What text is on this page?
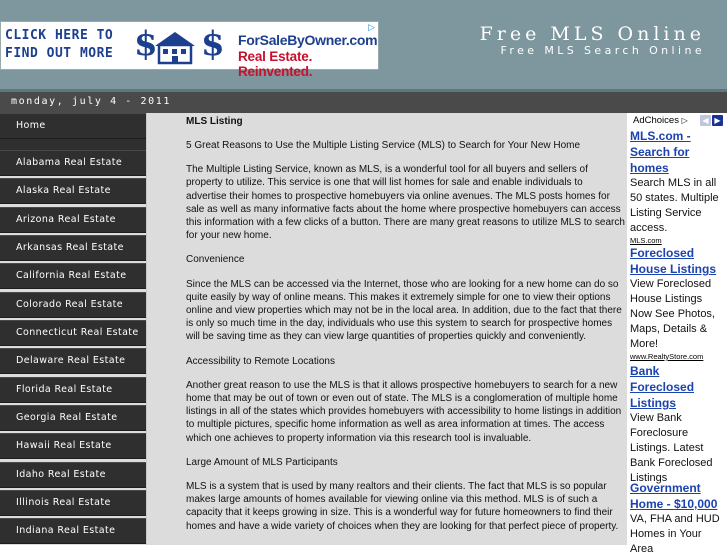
CLICK HERE TO
FIND OUT MORE $ $ ForSaleByOwner.com
Real Estate. Reinvented.
▷	Free MLS Online
Free MLS Search Online
monday, july 4 - 2011
Home
Alabama Real Estate
Alaska Real Estate
Arizona Real Estate
Arkansas Real Estate
California Real Estate
Colorado Real Estate
Connecticut Real Estate
Delaware Real Estate
Florida Real Estate
Georgia Real Estate
Hawaii Real Estate
Idaho Real Estate
Illinois Real Estate
Indiana Real Estate
MLS Listing

5 Great Reasons to Use the Multiple Listing Service (MLS) to Search for Your New Home

The Multiple Listing Service, known as MLS, is a wonderful tool for all buyers and sellers of property to utilize. This service is one that will list homes for sale and enable individuals to advertise their homes to prospective homebuyers via online avenues. The MLS posts homes for sale as well as many informative facts about the home where prospective homebuyers can access this information with a few clicks of a button. There are many great reasons to utilize MLS to search for your new home.

Convenience

Since the MLS can be accessed via the Internet, those who are looking for a new home can do so quite easily by way of online means. This makes it extremely simple for one to view their options online and view properties which may not be in the local area. In addition, due to the fact that there is only so much time in the day, individuals who use this system to search for prospective homes will be saving time as they can view large quantities of properties quickly and conveniently.

Accessibility to Remote Locations

Another great reason to use the MLS is that it allows prospective homebuyers to search for a new home that may be out of town or even out of state. The MLS is a conglomeration of multiple home listings in all of the states which provides homebuyers with accessibility to home listings in addition to multiple pictures, specific home information as well as area information at times. The access which one achieves to property information via this research tool is invaluable.

Large Amount of MLS Participants

MLS is a system that is used by many realtors and their clients. The fact that MLS is so popular makes large amounts of homes available for viewing online via this method. MLS is of such a capacity that it keeps growing in size. This is a wonderful way for future homeowners to find their homes and have a wide variety of choices when they are looking for that perfect piece of property.

AdChoices ▷	◀ ▶
MLS.com - Search for homes
Search MLS in all 50 states. Multiple Listing Service access.
MLS.com
Foreclosed House Listings
View Foreclosed House Listings Now See Photos, Maps, Details & More!
www.RealtyStore.com
Bank Foreclosed Listings
View Bank Foreclosure Listings. Latest Bank Foreclosed Listings
Government Home - $10,000
VA, FHA and HUD Homes in Your Area
